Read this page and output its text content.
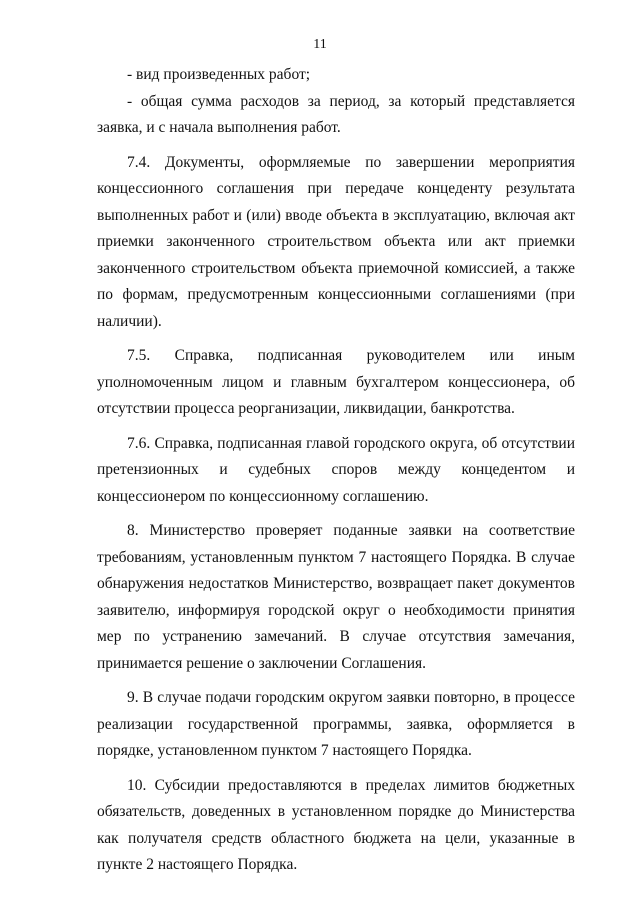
11

- вид произведенных работ;

- общая сумма расходов за период, за который представляется заявка, и с начала выполнения работ.

7.4. Документы, оформляемые по завершении мероприятия концессионного соглашения при передаче концеденту результата выполненных работ и (или) вводе объекта в эксплуатацию, включая акт приемки законченного строительством объекта или акт приемки законченного строительством объекта приемочной комиссией, а также по формам, предусмотренным концессионными соглашениями (при наличии).

7.5. Справка, подписанная руководителем или иным уполномоченным лицом и главным бухгалтером концессионера, об отсутствии процесса реорганизации, ликвидации, банкротства.

7.6. Справка, подписанная главой городского округа, об отсутствии претензионных и судебных споров между концедентом и концессионером по концессионному соглашению.

8. Министерство проверяет поданные заявки на соответствие требованиям, установленным пунктом 7 настоящего Порядка. В случае обнаружения недостатков Министерство, возвращает пакет документов заявителю, информируя городской округ о необходимости принятия мер по устранению замечаний. В случае отсутствия замечания, принимается решение о заключении Соглашения.

9. В случае подачи городским округом заявки повторно, в процессе реализации государственной программы, заявка, оформляется в порядке, установленном пунктом 7 настоящего Порядка.

10. Субсидии предоставляются в пределах лимитов бюджетных обязательств, доведенных в установленном порядке до Министерства как получателя средств областного бюджета на цели, указанные в пункте 2 настоящего Порядка.
